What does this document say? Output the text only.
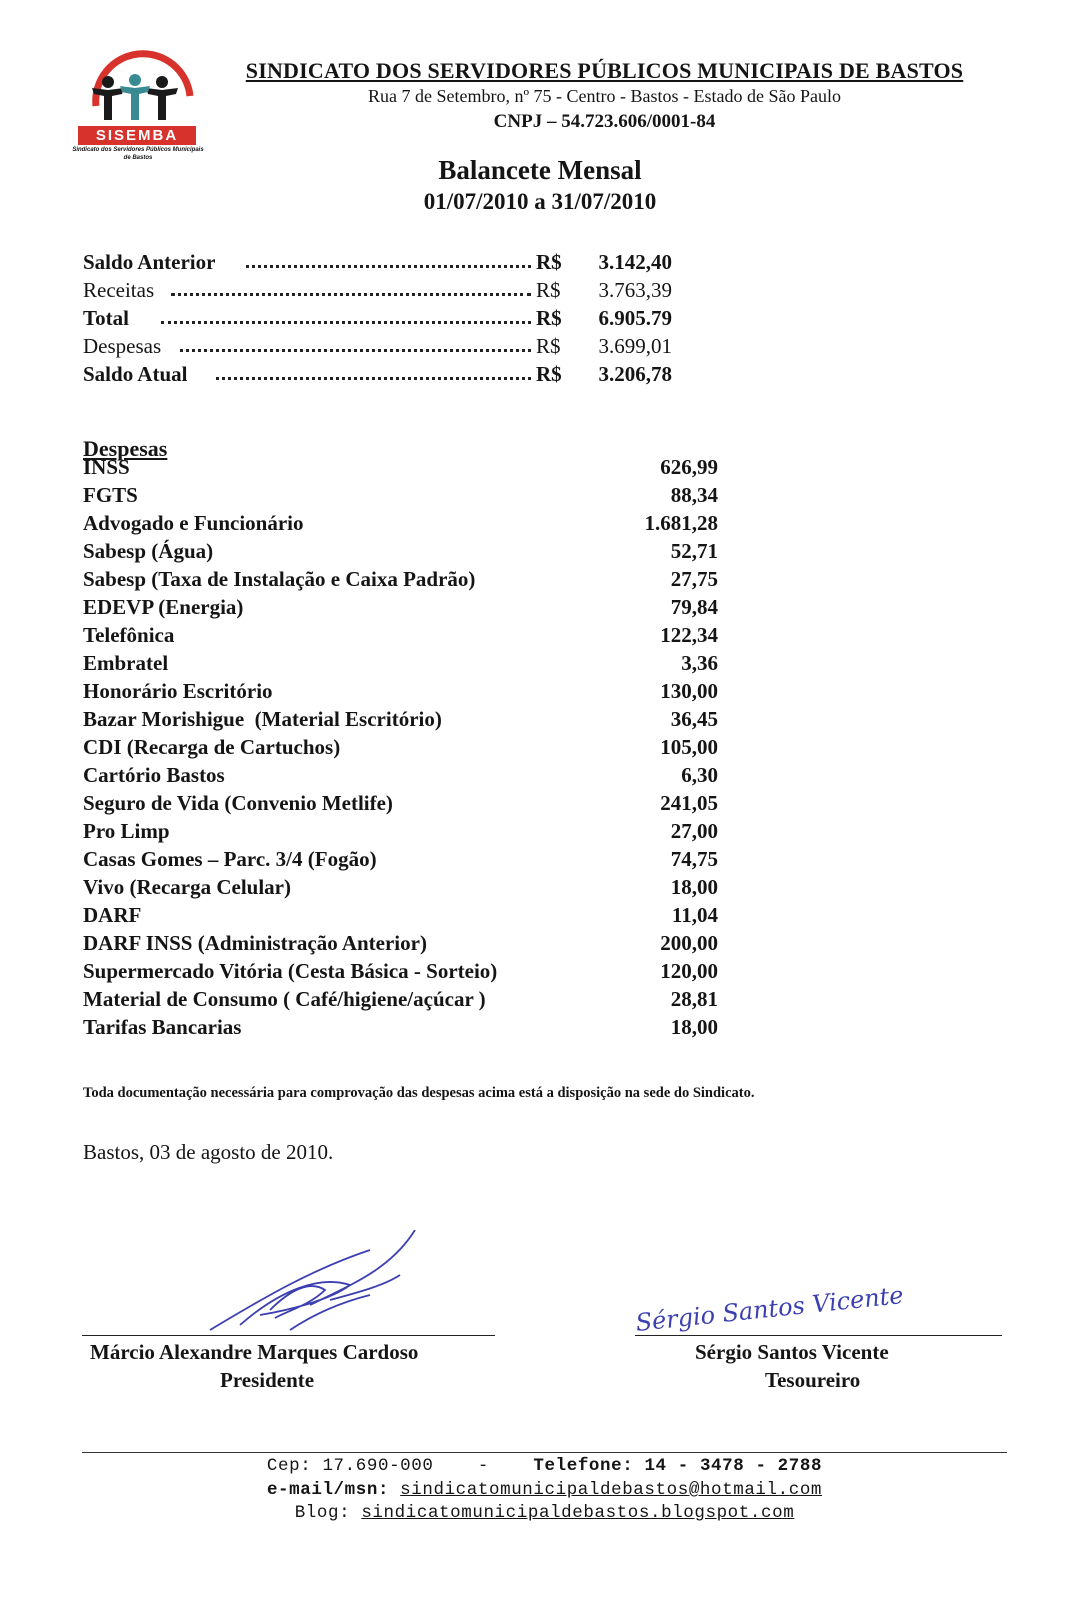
SISEMBA
Sindicato dos Servidores Públicos Municipais de Bastos
SINDICATO DOS SERVIDORES PÚBLICOS MUNICIPAIS DE BASTOS
Rua 7 de Setembro, nº 75 - Centro - Bastos - Estado de São Paulo
CNPJ – 54.723.606/0001-84
Balancete Mensal
01/07/2010 a 31/07/2010
Saldo Anterior	R$	3.142,40
Receitas	R$	3.763,39
Total	R$	6.905.79
Despesas	R$	3.699,01
Saldo Atual	R$	3.206,78
Despesas
INSS	626,99
FGTS	88,34
Advogado e Funcionário	1.681,28
Sabesp (Água)	52,71
Sabesp (Taxa de Instalação e Caixa Padrão)	27,75
EDEVP (Energia)	79,84
Telefônica	122,34
Embratel	3,36
Honorário Escritório	130,00
Bazar Morishigue  (Material Escritório)	36,45
CDI (Recarga de Cartuchos)	105,00
Cartório Bastos	6,30
Seguro de Vida (Convenio Metlife)	241,05
Pro Limp	27,00
Casas Gomes – Parc. 3/4 (Fogão)	74,75
Vivo (Recarga Celular)	18,00
DARF	11,04
DARF INSS (Administração Anterior)	200,00
Supermercado Vitória (Cesta Básica - Sorteio)	120,00
Material de Consumo ( Café/higiene/açúcar )	28,81
Tarifas Bancarias	18,00
Toda documentação necessária para comprovação das despesas acima está a disposição na sede do Sindicato.
Bastos, 03 de agosto de 2010.
Márcio Alexandre Marques Cardoso
Presidente
Sérgio Santos Vicente
Sérgio Santos Vicente
Tesoureiro
Cep: 17.690-000    -    Telefone: 14 - 3478 - 2788
e-mail/msn: sindicatomunicipaldebastos@hotmail.com
Blog: sindicatomunicipaldebastos.blogspot.com
